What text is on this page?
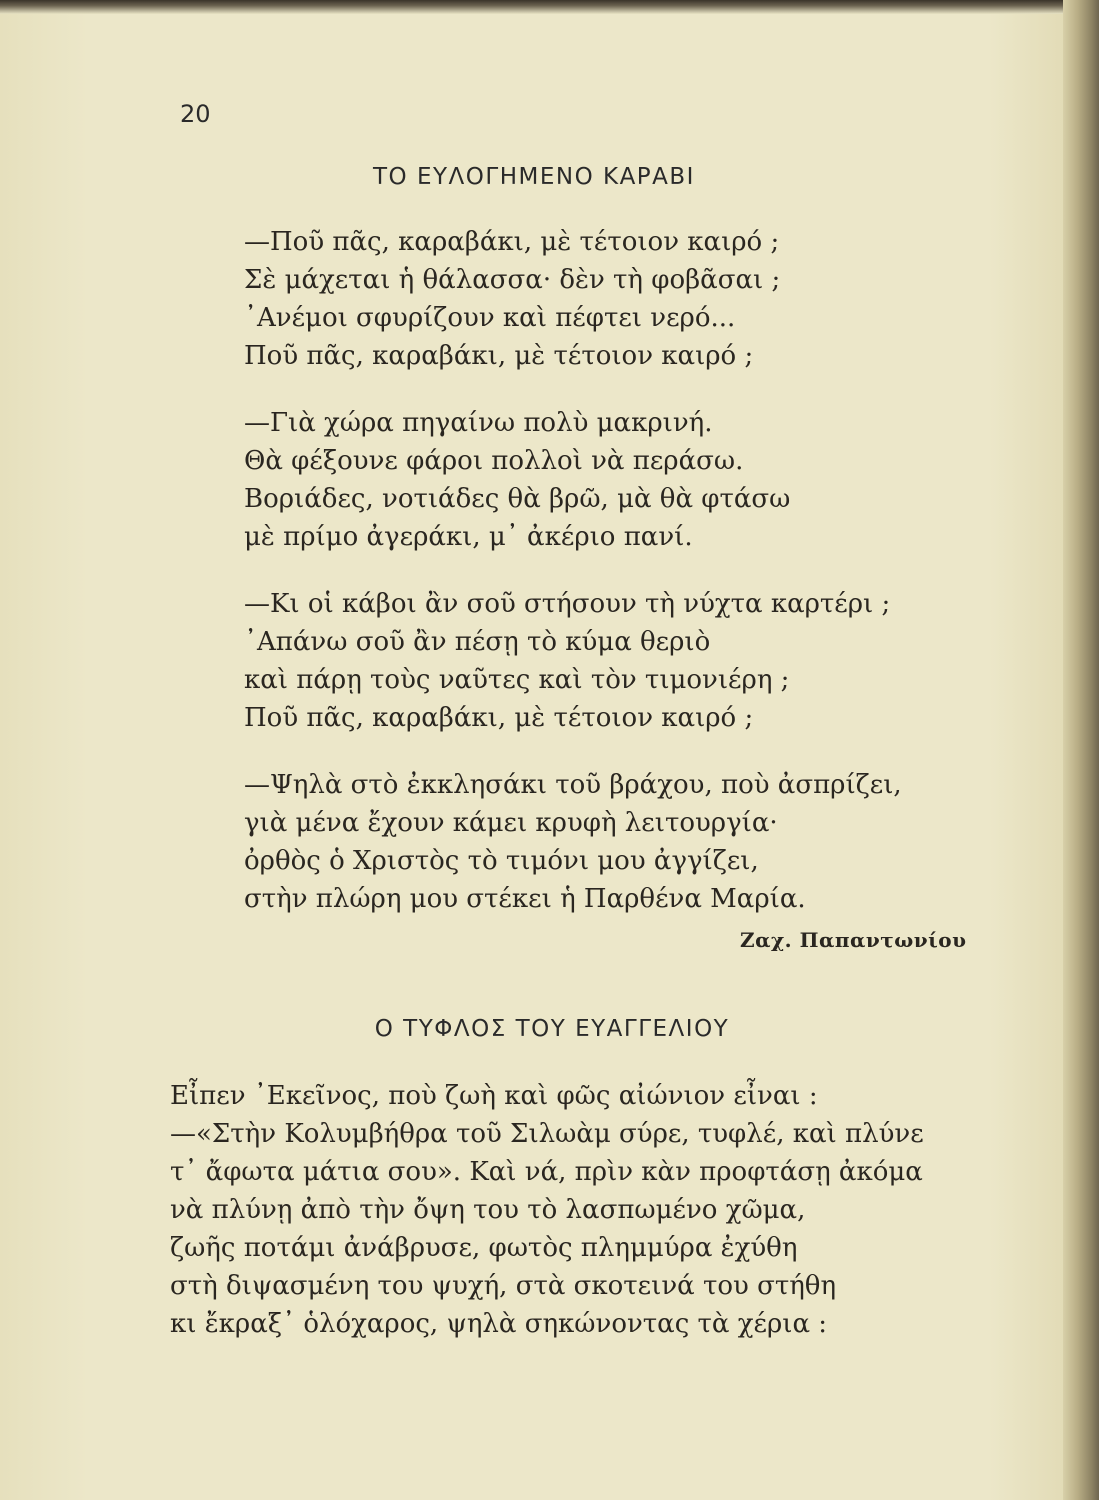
20
ΤΟ ΕΥΛΟΓΗΜΕΝΟ ΚΑΡΑΒΙ
—Ποῦ πᾶς, καραβάκι, μὲ τέτοιον καιρό ;
Σὲ μάχεται ἡ θάλασσα· δὲν τὴ φοβᾶσαι ;
᾿Ανέμοι σφυρίζουν καὶ πέφτει νερό...
Ποῦ πᾶς, καραβάκι, μὲ τέτοιον καιρό ;
—Γιὰ χώρα πηγαίνω πολὺ μακρινή.
Θὰ φέξουνε φάροι πολλοὶ νὰ περάσω.
Βοριάδες, νοτιάδες θὰ βρῶ, μὰ θὰ φτάσω
μὲ πρίμο ἀγεράκι, μ᾿ ἀκέριο πανί.
—Κι οἱ κάβοι ἂν σοῦ στήσουν τὴ νύχτα καρτέρι ;
᾿Απάνω σοῦ ἂν πέσῃ τὸ κύμα θεριὸ
καὶ πάρῃ τοὺς ναῦτες καὶ τὸν τιμονιέρη ;
Ποῦ πᾶς, καραβάκι, μὲ τέτοιον καιρό ;
—Ψηλὰ στὸ ἐκκλησάκι τοῦ βράχου, ποὺ ἀσπρίζει,
γιὰ μένα ἔχουν κάμει κρυφὴ λειτουργία·
ὀρθὸς ὁ Χριστὸς τὸ τιμόνι μου ἀγγίζει,
στὴν πλώρη μου στέκει ἡ Παρθένα Μαρία.
Ζαχ. Παπαντωνίου
Ο ΤΥΦΛΟΣ ΤΟΥ ΕΥΑΓΓΕΛΙΟΥ
Εἶπεν ᾿Εκεῖνος, ποὺ ζωὴ καὶ φῶς αἰώνιον εἶναι :
—«Στὴν Κολυμβήθρα τοῦ Σιλωὰμ σύρε, τυφλέ, καὶ πλύνε
τ᾿ ἄφωτα μάτια σου». Καὶ νά, πρὶν κὰν προφτάσῃ ἀκόμα
νὰ πλύνῃ ἀπὸ τὴν ὄψη του τὸ λασπωμένο χῶμα,
ζωῆς ποτάμι ἀνάβρυσε, φωτὸς πλημμύρα ἐχύθη
στὴ διψασμένη του ψυχή, στὰ σκοτεινά του στήθη
κι ἔκραξ᾿ ὁλόχαρος, ψηλὰ σηκώνοντας τὰ χέρια :
